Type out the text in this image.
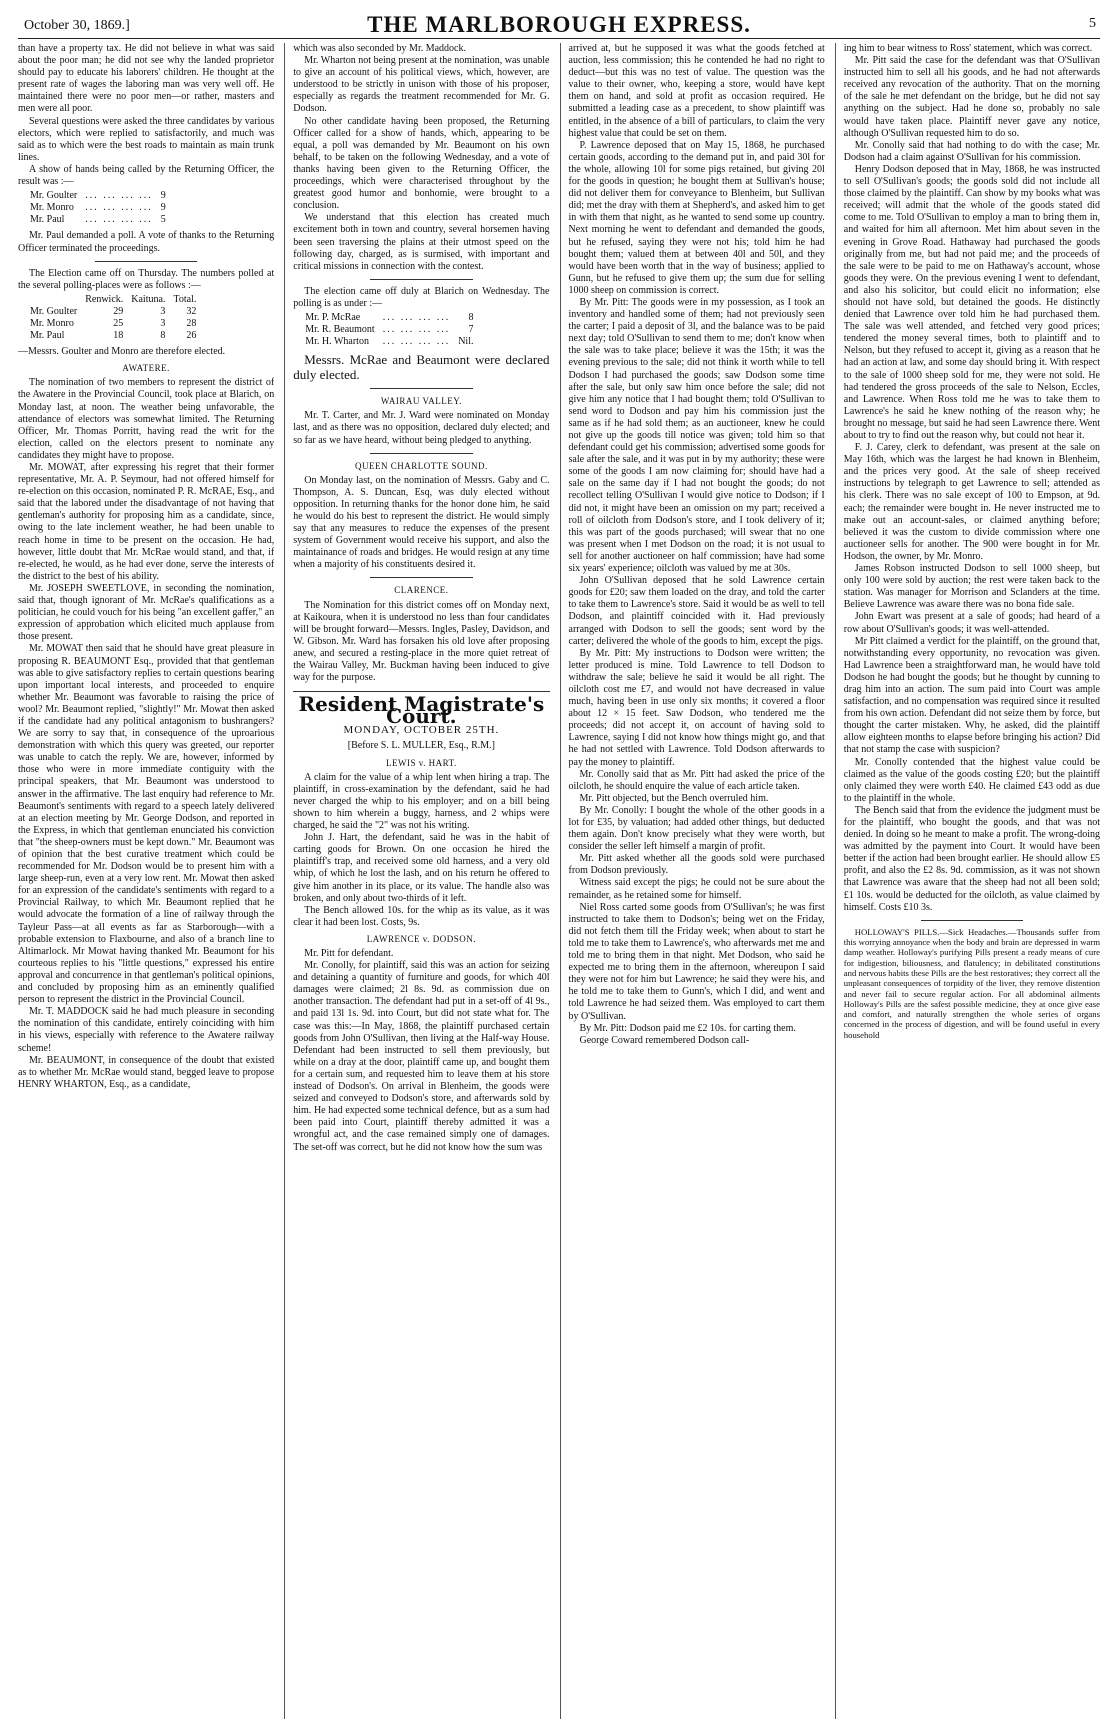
October 30, 1869.]	THE MARLBOROUGH EXPRESS.	5

than have a property tax. He did not believe in what was said about the poor man; he did not see why the landed proprietor should pay to educate his laborers' children. He thought at the present rate of wages the laboring man was very well off. He maintained there were no poor men—or rather, masters and men were all poor.

Several questions were asked the three candidates by various electors, which were replied to satisfactorily, and much was said as to which were the best roads to maintain as main trunk lines.

A show of hands being called by the Returning Officer, the result was :—

Mr. Goulter	... ... ... ...	9
Mr. Monro	... ... ... ...	9
Mr. Paul	... ... ... ...	5

Mr. Paul demanded a poll. A vote of thanks to the Returning Officer terminated the proceedings.

The Election came off on Thursday. The numbers polled at the several polling-places were as follows :—

	Renwick.	Kaituna.	Total.
Mr. Goulter	29	3	32
Mr. Monro	25	3	28
Mr. Paul	18	8	26

—Messrs. Goulter and Monro are therefore elected.

AWATERE.

The nomination of two members to represent the district of the Awatere in the Provincial Council, took place at Blarich, on Monday last, at noon. The weather being unfavorable, the attendance of electors was somewhat limited. The Returning Officer, Mr. Thomas Porritt, having read the writ for the election, called on the electors present to nominate any candidates they might have to propose.

Mr. MOWAT, after expressing his regret that their former representative, Mr. A. P. Seymour, had not offered himself for re-election on this occasion, nominated P. R. McRAE, Esq., and said that the labored under the disadvantage of not having that gentleman's authority for proposing him as a candidate, since, owing to the late inclement weather, he had been unable to reach home in time to be present on the occasion. He had, however, little doubt that Mr. McRae would stand, and that, if re-elected, he would, as he had ever done, serve the interests of the district to the best of his ability.

Mr. JOSEPH SWEETLOVE, in seconding the nomination, said that, though ignorant of Mr. McRae's qualifications as a politician, he could vouch for his being "an excellent gaffer," an expression of approbation which elicited much applause from those present.

Mr. MOWAT then said that he should have great pleasure in proposing R. BEAUMONT Esq., provided that that gentleman was able to give satisfactory replies to certain questions bearing upon important local interests, and proceeded to enquire whether Mr. Beaumont was favorable to raising the price of wool? Mr. Beaumont replied, "slightly!" Mr. Mowat then asked if the candidate had any political antagonism to bushrangers? We are sorry to say that, in consequence of the uproarious demonstration with which this query was greeted, our reporter was unable to catch the reply. We are, however, informed by those who were in more immediate contiguity with the principal speakers, that Mr. Beaumont was understood to answer in the affirmative. The last enquiry had reference to Mr. Beaumont's sentiments with regard to a speech lately delivered at an election meeting by Mr. George Dodson, and reported in the Express, in which that gentleman enunciated his conviction that "the sheep-owners must be kept down." Mr. Beaumont was of opinion that the best curative treatment which could be recommended for Mr. Dodson would be to present him with a large sheep-run, even at a very low rent. Mr. Mowat then asked for an expression of the candidate's sentiments with regard to a Provincial Railway, to which Mr. Beaumont replied that he would advocate the formation of a line of railway through the Tayleur Pass—at all events as far as Starborough—with a probable extension to Flaxbourne, and also of a branch line to Altimarlock. Mr Mowat having thanked Mr. Beaumont for his courteous replies to his "little questions," expressed his entire approval and concurrence in that gentleman's political opinions, and concluded by proposing him as an eminently qualified person to represent the district in the Provincial Council.

Mr. T. MADDOCK said he had much pleasure in seconding the nomination of this candidate, entirely coinciding with him in his views, especially with reference to the Awatere railway scheme!

Mr. BEAUMONT, in consequence of the doubt that existed as to whether Mr. McRae would stand, begged leave to propose HENRY WHARTON, Esq., as a candidate,

which was also seconded by Mr. Maddock.

Mr. Wharton not being present at the nomination, was unable to give an account of his political views, which, however, are understood to be strictly in unison with those of his proposer, especially as regards the treatment recommended for Mr. G. Dodson.

No other candidate having been proposed, the Returning Officer called for a show of hands, which, appearing to be equal, a poll was demanded by Mr. Beaumont on his own behalf, to be taken on the following Wednesday, and a vote of thanks having been given to the Returning Officer, the proceedings, which were characterised throughout by the greatest good humor and bonhomie, were brought to a conclusion.

We understand that this election has created much excitement both in town and country, several horsemen having been seen traversing the plains at their utmost speed on the following day, charged, as is surmised, with important and critical missions in connection with the contest.

The election came off duly at Blarich on Wednesday. The polling is as under :—

Mr. P. McRae	... ... ... ...	8
Mr. R. Beaumont	... ... ... ...	7
Mr. H. Wharton	... ... ... ...	Nil.

Messrs. McRae and Beaumont were declared duly elected.

WAIRAU VALLEY.

Mr. T. Carter, and Mr. J. Ward were nominated on Monday last, and as there was no opposition, declared duly elected; and so far as we have heard, without being pledged to anything.

QUEEN CHARLOTTE SOUND.

On Monday last, on the nomination of Messrs. Gaby and C. Thompson, A. S. Duncan, Esq, was duly elected without opposition. In returning thanks for the honor done him, he said he would do his best to represent the district. He would simply say that any measures to reduce the expenses of the present system of Government would receive his support, and also the maintainance of roads and bridges. He would resign at any time when a majority of his constituents desired it.

CLARENCE.

The Nomination for this district comes off on Monday next, at Kaikoura, when it is understood no less than four candidates will be brought forward—Messrs. Ingles, Pasley, Davidson, and W. Gibson. Mr. Ward has forsaken his old love after proposing anew, and secured a resting-place in the more quiet retreat of the Wairau Valley, Mr. Buckman having been induced to give way for the purpose.

Resident Magistrate's Court.
MONDAY, OCTOBER 25TH.
[Before S. L. MULLER, Esq., R.M.]
LEWIS v. HART.

A claim for the value of a whip lent when hiring a trap. The plaintiff, in cross-examination by the defendant, said he had never charged the whip to his employer; and on a bill being shown to him wherein a buggy, harness, and 2 whips were charged, he said the "2" was not his writing.

John J. Hart, the defendant, said he was in the habit of carting goods for Brown. On one occasion he hired the plaintiff's trap, and received some old harness, and a very old whip, of which he lost the lash, and on his return he offered to give him another in its place, or its value. The handle also was broken, and only about two-thirds of it left.

The Bench allowed 10s. for the whip as its value, as it was clear it had been lost. Costs, 9s.

LAWRENCE v. DODSON.

Mr. Pitt for defendant.

Mr. Conolly, for plaintiff, said this was an action for seizing and detaining a quantity of furniture and goods, for which 40l damages were claimed; 2l 8s. 9d. as commission due on another transaction. The defendant had put in a set-off of 4l 9s., and paid 13l 1s. 9d. into Court, but did not state what for. The case was this:—In May, 1868, the plaintiff purchased certain goods from John O'Sullivan, then living at the Half-way House. Defendant had been instructed to sell them previously, but while on a dray at the door, plaintiff came up, and bought them for a certain sum, and requested him to leave them at his store instead of Dodson's. On arrival in Blenheim, the goods were seized and conveyed to Dodson's store, and afterwards sold by him. He had expected some technical defence, but as a sum had been paid into Court, plaintiff thereby admitted it was a wrongful act, and the case remained simply one of damages. The set-off was correct, but he did not know how the sum was

arrived at, but he supposed it was what the goods fetched at auction, less commission; this he contended he had no right to deduct—but this was no test of value. The question was the value to their owner, who, keeping a store, would have kept them on hand, and sold at profit as occasion required. He submitted a leading case as a precedent, to show plaintiff was entitled, in the absence of a bill of particulars, to claim the very highest value that could be set on them.

P. Lawrence deposed that on May 15, 1868, he purchased certain goods, according to the demand put in, and paid 30l for the whole, allowing 10l for some pigs retained, but giving 20l for the goods in question; he bought them at Sullivan's house; did not deliver them for conveyance to Blenheim, but Sullivan did; met the dray with them at Shepherd's, and asked him to get in with them that night, as he wanted to send some up country. Next morning he went to defendant and demanded the goods, but he refused, saying they were not his; told him he had bought them; valued them at between 40l and 50l, and they would have been worth that in the way of business; applied to Gunn, but he refused to give them up; the sum due for selling 1000 sheep on commission is correct.

By Mr. Pitt: The goods were in my possession, as I took an inventory and handled some of them; had not previously seen the carter; I paid a deposit of 3l, and the balance was to be paid next day; told O'Sullivan to send them to me; don't know when the sale was to take place; believe it was the 15th; it was the evening previous to the sale; did not think it worth while to tell Dodson I had purchased the goods; saw Dodson some time after the sale, but only saw him once before the sale; did not give him any notice that I had bought them; told O'Sullivan to send word to Dodson and pay him his commission just the same as if he had sold them; as an auctioneer, knew he could not give up the goods till notice was given; told him so that defendant could get his commission; advertised some goods for sale after the sale, and it was put in by my authority; these were some of the goods I am now claiming for; should have had a sale on the same day if I had not bought the goods; do not recollect telling O'Sullivan I would give notice to Dodson; if I did not, it might have been an omission on my part; received a roll of oilcloth from Dodson's store, and I took delivery of it; this was part of the goods purchased; will swear that no one was present when I met Dodson on the road; it is not usual to sell for another auctioneer on half commission; have had some six years' experience; oilcloth was valued by me at 30s.

John O'Sullivan deposed that he sold Lawrence certain goods for £20; saw them loaded on the dray, and told the carter to take them to Lawrence's store. Said it would be as well to tell Dodson, and plaintiff coincided with it. Had previously arranged with Dodson to sell the goods; sent word by the carter; delivered the whole of the goods to him, except the pigs.

By Mr. Pitt: My instructions to Dodson were written; the letter produced is mine. Told Lawrence to tell Dodson to withdraw the sale; believe he said it would be all right. The oilcloth cost me £7, and would not have decreased in value much, having been in use only six months; it covered a floor about 12 × 15 feet. Saw Dodson, who tendered me the proceeds; did not accept it, on account of having sold to Lawrence, saying I did not know how things might go, and that he had not settled with Lawrence. Told Dodson afterwards to pay the money to plaintiff.

Mr. Conolly said that as Mr. Pitt had asked the price of the oilcloth, he should enquire the value of each article taken.

Mr. Pitt objected, but the Bench overruled him.

By Mr. Conolly: I bought the whole of the other goods in a lot for £35, by valuation; had added other things, but deducted them again. Don't know precisely what they were worth, but consider the seller left himself a margin of profit.

Mr. Pitt asked whether all the goods sold were purchased from Dodson previously.

Witness said except the pigs; he could not be sure about the remainder, as he retained some for himself.

Niel Ross carted some goods from O'Sullivan's; he was first instructed to take them to Dodson's; being wet on the Friday, did not fetch them till the Friday week; when about to start he told me to take them to Lawrence's, who afterwards met me and told me to bring them in that night. Met Dodson, who said he expected me to bring them in the afternoon, whereupon I said they were not for him but Lawrence; he said they were his, and he told me to take them to Gunn's, which I did, and went and told Lawrence he had seized them. Was employed to cart them by O'Sullivan.

By Mr. Pitt: Dodson paid me £2 10s. for carting them.

George Coward remembered Dodson call-

ing him to bear witness to Ross' statement, which was correct.

Mr. Pitt said the case for the defendant was that O'Sullivan instructed him to sell all his goods, and he had not afterwards received any revocation of the authority. That on the morning of the sale he met defendant on the bridge, but he did not say anything on the subject. Had he done so, probably no sale would have taken place. Plaintiff never gave any notice, although O'Sullivan requested him to do so.

Mr. Conolly said that had nothing to do with the case; Mr. Dodson had a claim against O'Sullivan for his commission.

Henry Dodson deposed that in May, 1868, he was instructed to sell O'Sullivan's goods; the goods sold did not include all those claimed by the plaintiff. Can show by my books what was received; will admit that the whole of the goods stated did come to me. Told O'Sullivan to employ a man to bring them in, and waited for him all afternoon. Met him about seven in the evening in Grove Road. Hathaway had purchased the goods originally from me, but had not paid me; and the proceeds of the sale were to be paid to me on Hathaway's account, whose goods they were. On the previous evening I went to defendant, and also his solicitor, but could elicit no information; else should not have sold, but detained the goods. He distinctly denied that Lawrence over told him he had purchased them. The sale was well attended, and fetched very good prices; tendered the money several times, both to plaintiff and to Nelson, but they refused to accept it, giving as a reason that he had an action at law, and some day should bring it. With respect to the sale of 1000 sheep sold for me, they were not sold. He had tendered the gross proceeds of the sale to Nelson, Eccles, and Lawrence. When Ross told me he was to take them to Lawrence's he said he knew nothing of the reason why; he brought no message, but said he had seen Lawrence there. Went about to try to find out the reason why, but could not hear it.

F. J. Carey, clerk to defendant, was present at the sale on May 16th, which was the largest he had known in Blenheim, and the prices very good. At the sale of sheep received instructions by telegraph to get Lawrence to sell; attended as his clerk. There was no sale except of 100 to Empson, at 9d. each; the remainder were bought in. He never instructed me to make out an account-sales, or claimed anything before; believed it was the custom to divide commission where one auctioneer sells for another. The 900 were bought in for Mr. Hodson, the owner, by Mr. Monro.

James Robson instructed Dodson to sell 1000 sheep, but only 100 were sold by auction; the rest were taken back to the station. Was manager for Morrison and Sclanders at the time. Believe Lawrence was aware there was no bona fide sale.

John Ewart was present at a sale of goods; had heard of a row about O'Sullivan's goods; it was well-attended.

Mr Pitt claimed a verdict for the plaintiff, on the ground that, notwithstanding every opportunity, no revocation was given. Had Lawrence been a straightforward man, he would have told Dodson he had bought the goods; but he thought by cunning to drag him into an action. The sum paid into Court was ample satisfaction, and no compensation was required since it resulted from his own action. Defendant did not seize them by force, but thought the carter mistaken. Why, he asked, did the plaintiff allow eighteen months to elapse before bringing his action? Did that not stamp the case with suspicion?

Mr. Conolly contended that the highest value could be claimed as the value of the goods costing £20; but the plaintiff only claimed they were worth £40. He claimed £43 odd as due to the plaintiff in the whole.

The Bench said that from the evidence the judgment must be for the plaintiff, who bought the goods, and that was not denied. In doing so he meant to make a profit. The wrong-doing was admitted by the payment into Court. It would have been better if the action had been brought earlier. He should allow £5 profit, and also the £2 8s. 9d. commission, as it was not shown that Lawrence was aware that the sheep had not all been sold; £1 10s. would be deducted for the oilcloth, as value claimed by himself. Costs £10 3s.

HOLLOWAY'S PILLS.—Sick Headaches.—Thousands suffer from this worrying annoyance when the body and brain are depressed in warm damp weather. Holloway's purifying Pills present a ready means of cure for indigestion, biliousness, and flatulency; in debilitated constitutions and nervous habits these Pills are the best restoratives; they correct all the unpleasant consequences of torpidity of the liver, they remove distention and never fail to secure regular action. For all abdominal ailments Holloway's Pills are the safest possible medicine, they at once give ease and comfort, and naturally strengthen the whole series of organs concerned in the process of digestion, and will be found useful in every household
